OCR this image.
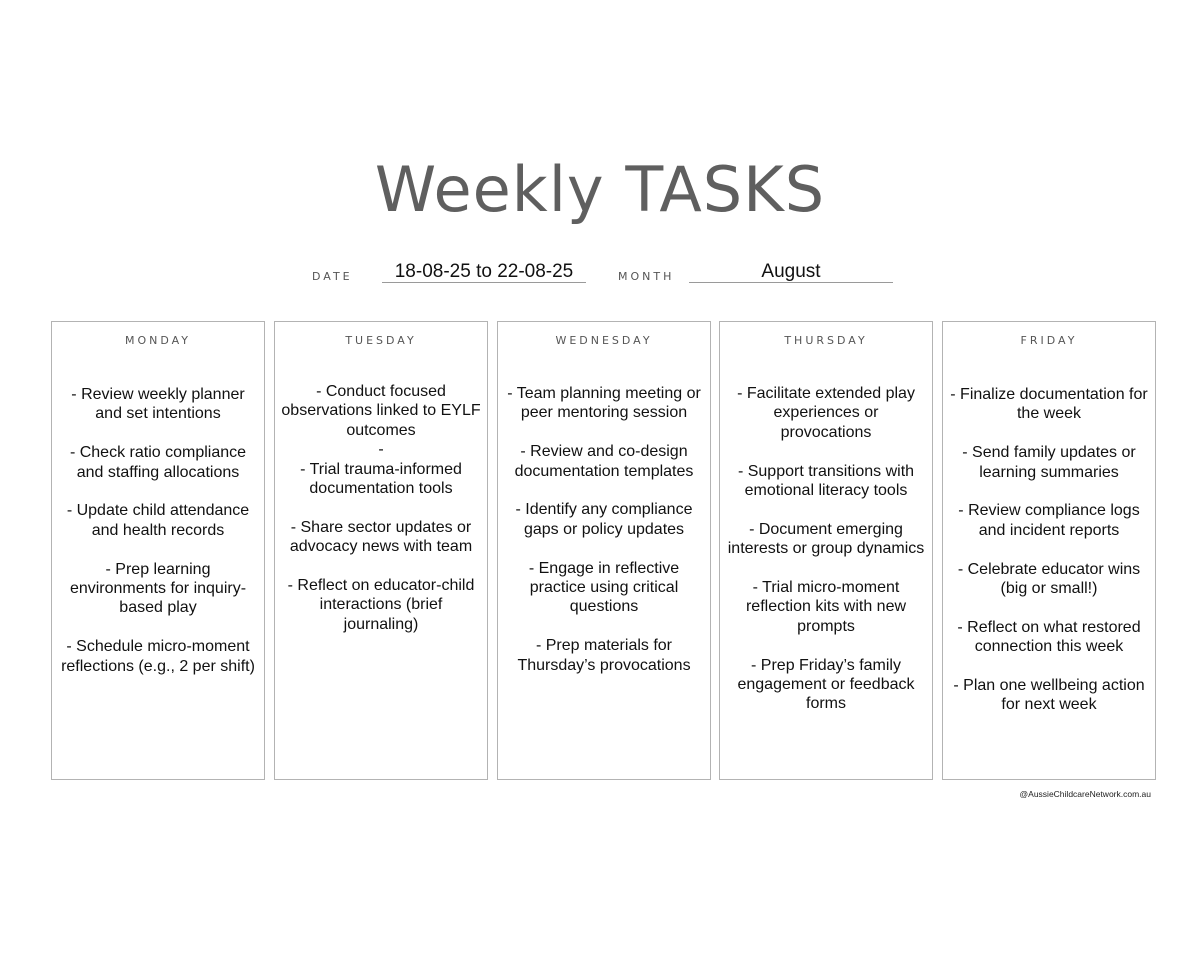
Weekly TASKS
DATE	18-08-25 to 22-08-25	MONTH	August
MONDAY
- Review weekly planner and set intentions
- Check ratio compliance and staffing allocations
- Update child attendance and health records
- Prep learning environments for inquiry-based play
- Schedule micro-moment reflections (e.g., 2 per shift)
TUESDAY
- Conduct focused observations linked to EYLF outcomes
-
- Trial trauma-informed documentation tools
- Share sector updates or advocacy news with team
- Reflect on educator-child interactions (brief journaling)
WEDNESDAY
- Team planning meeting or peer mentoring session
- Review and co-design documentation templates
- Identify any compliance gaps or policy updates
- Engage in reflective practice using critical questions
- Prep materials for Thursday’s provocations
THURSDAY
- Facilitate extended play experiences or provocations
- Support transitions with emotional literacy tools
- Document emerging interests or group dynamics
- Trial micro-moment reflection kits with new prompts
- Prep Friday’s family engagement or feedback forms
FRIDAY
- Finalize documentation for the week
- Send family updates or learning summaries
- Review compliance logs and incident reports
- Celebrate educator wins (big or small!)
- Reflect on what restored connection this week
- Plan one wellbeing action for next week
@AussieChildcareNetwork.com.au
